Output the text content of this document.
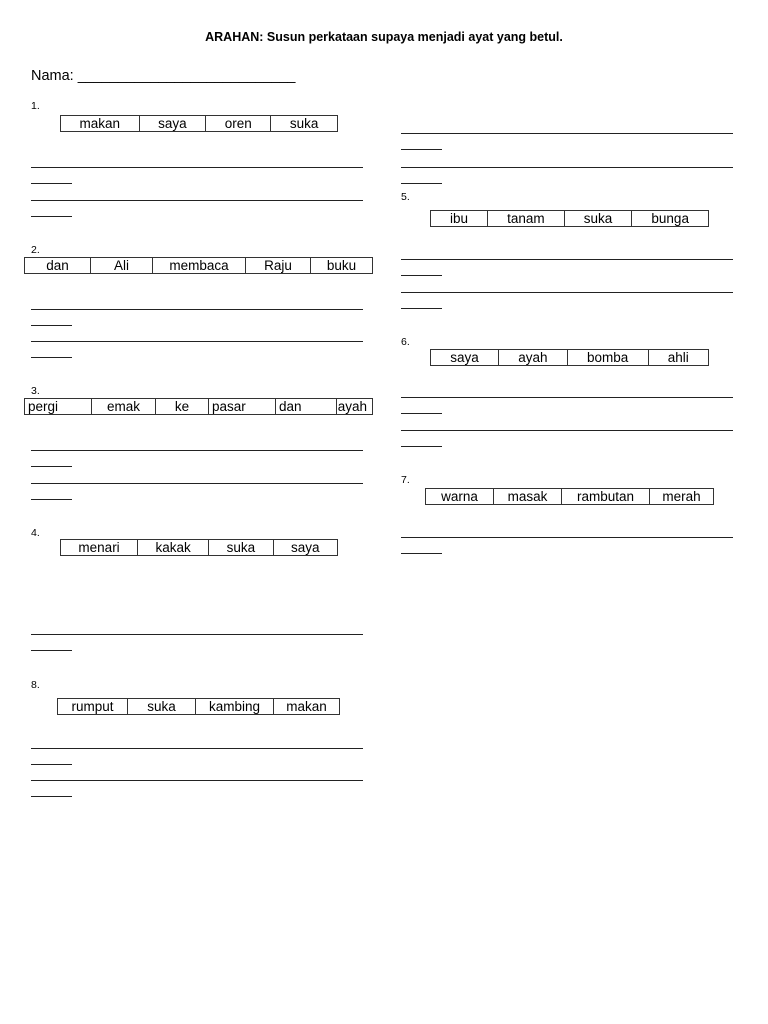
ARAHAN: Susun perkataan supaya menjadi ayat yang betul.
Nama: ___________________________
1.
makan	saya	oren	suka
2.
dan	Ali	membaca	Raju	buku
3.
pergi	emak	ke	pasar	dan	ayah
4.
menari	kakak	suka	saya
8.
rumput	suka	kambing	makan
5.
ibu	tanam	suka	bunga
6.
saya	ayah	bomba	ahli
7.
warna	masak	rambutan	merah
